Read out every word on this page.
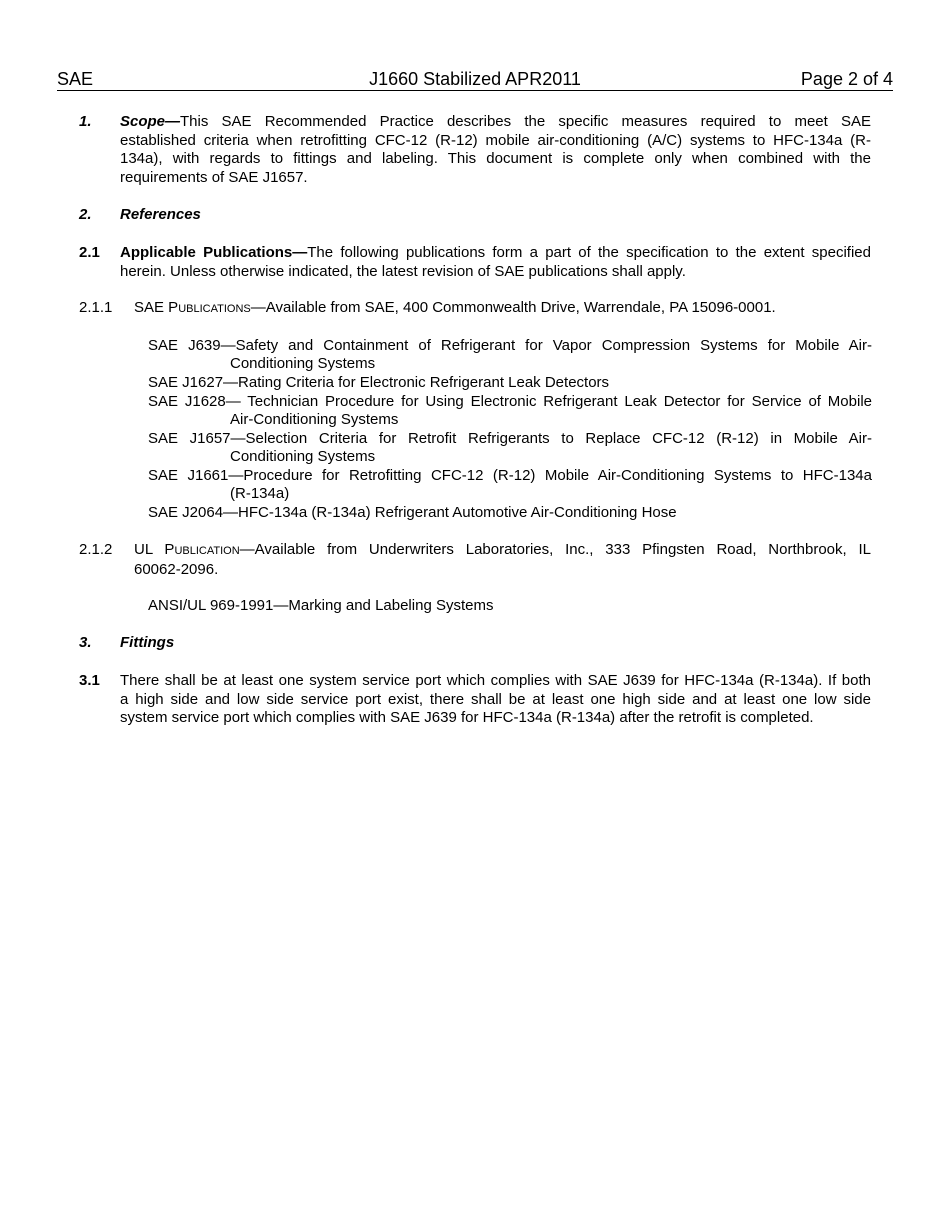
SAE	J1660 Stabilized APR2011	Page 2 of 4
1. Scope—This SAE Recommended Practice describes the specific measures required to meet SAE
established criteria when retrofitting CFC-12 (R-12) mobile air-conditioning (A/C) systems to HFC-134a (R-
134a), with regards to fittings and labeling. This document is complete only when combined with the
requirements of SAE J1657.
2. References
2.1 Applicable Publications—The following publications form a part of the specification to the extent specified
herein. Unless otherwise indicated, the latest revision of SAE publications shall apply.
2.1.1 SAE PUBLICATIONS—Available from SAE, 400 Commonwealth Drive, Warrendale, PA 15096-0001.
SAE J639—Safety and Containment of Refrigerant for Vapor Compression Systems for Mobile Air-
Conditioning Systems
SAE J1627—Rating Criteria for Electronic Refrigerant Leak Detectors
SAE J1628— Technician Procedure for Using Electronic Refrigerant Leak Detector for Service of Mobile
Air-Conditioning Systems
SAE J1657—Selection Criteria for Retrofit Refrigerants to Replace CFC-12 (R-12) in Mobile Air-
Conditioning Systems
SAE J1661—Procedure for Retrofitting CFC-12 (R-12) Mobile Air-Conditioning Systems to HFC-134a
(R-134a)
SAE J2064—HFC-134a (R-134a) Refrigerant Automotive Air-Conditioning Hose
2.1.2 UL PUBLICATION—Available from Underwriters Laboratories, Inc., 333 Pfingsten Road, Northbrook, IL
60062-2096.
ANSI/UL 969-1991—Marking and Labeling Systems
3. Fittings
3.1 There shall be at least one system service port which complies with SAE J639 for HFC-134a (R-134a). If both
a high side and low side service port exist, there shall be at least one high side and at least one low side
system service port which complies with SAE J639 for HFC-134a (R-134a) after the retrofit is completed.
